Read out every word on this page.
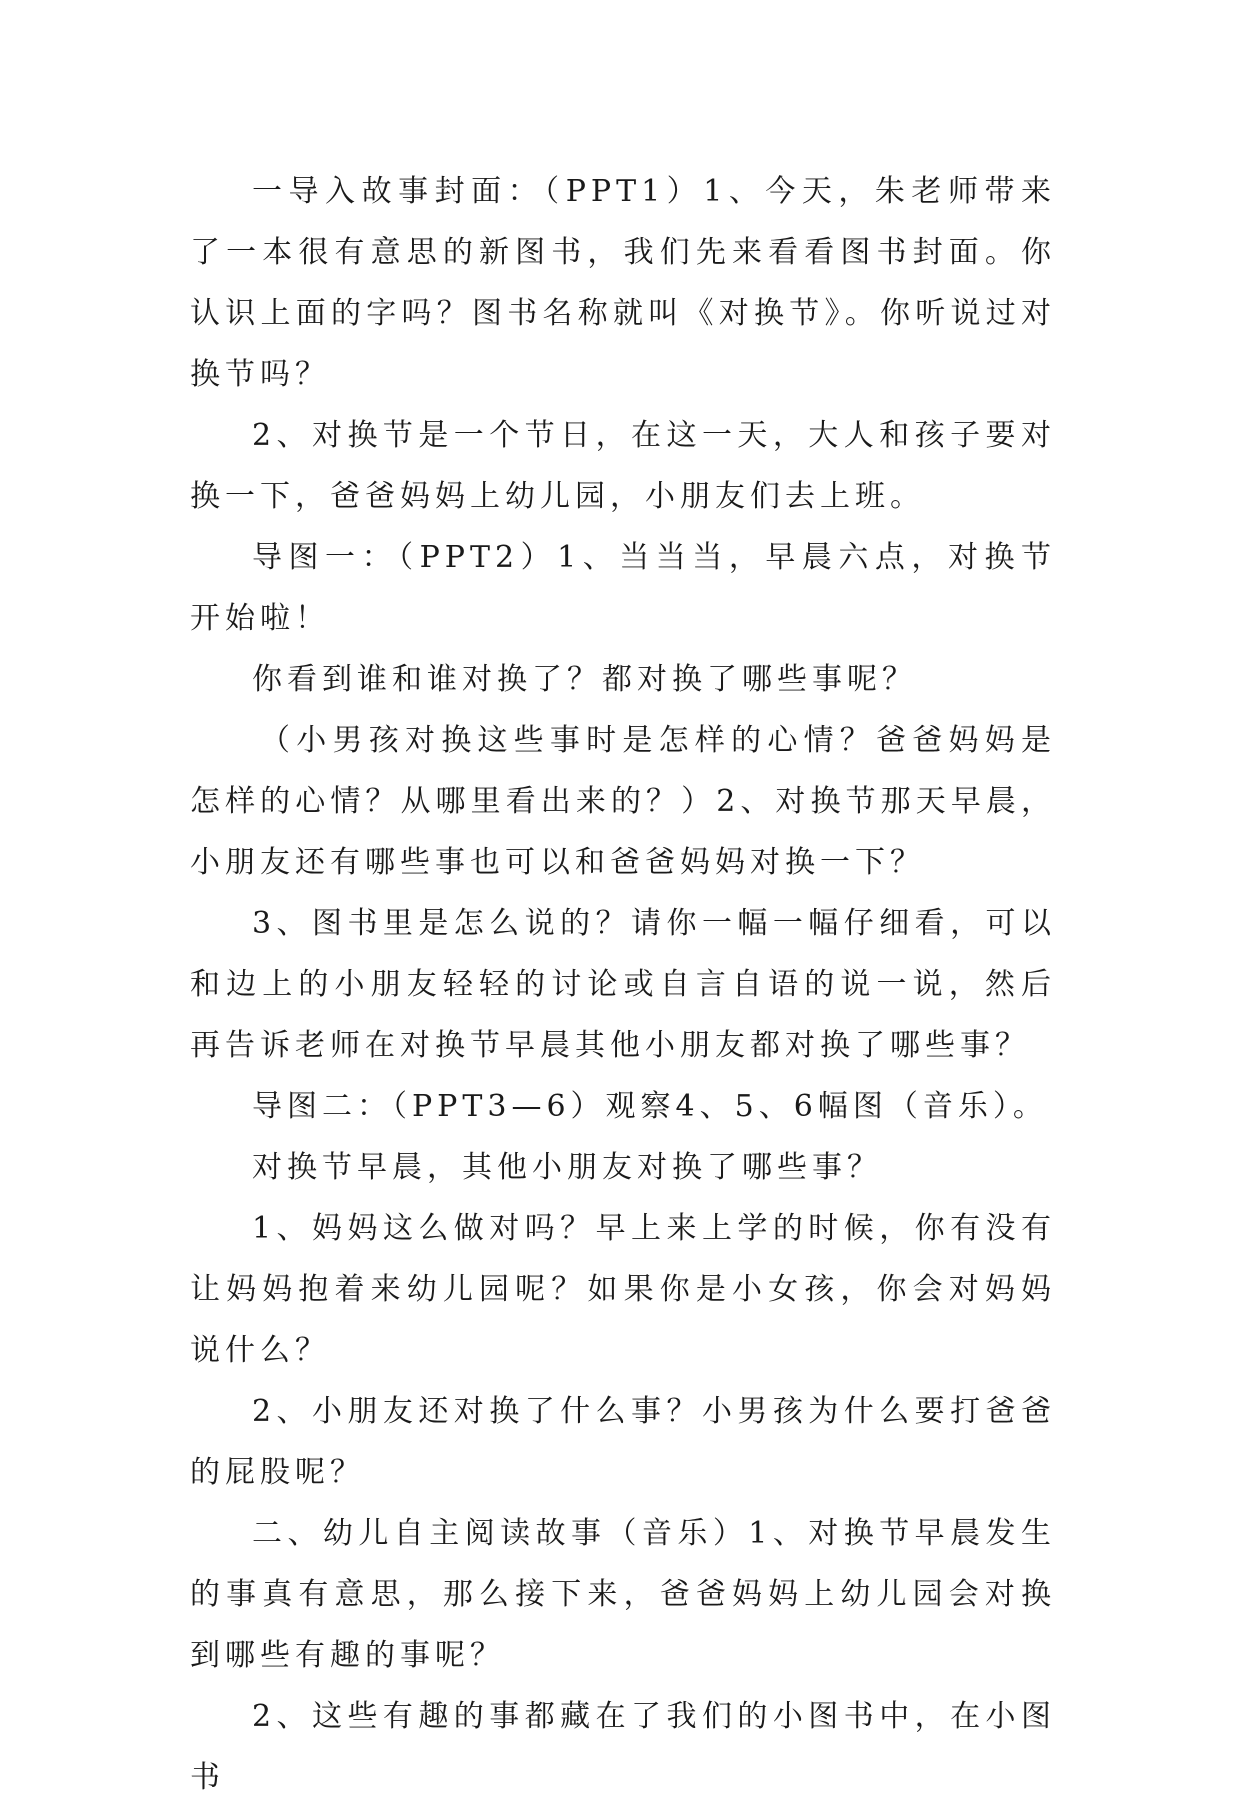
一导入故事封面：（PPT1）1、今天，朱老师带来了一本很有意思的新图书，我们先来看看图书封面。你认识上面的字吗？图书名称就叫《对换节》。你听说过对换节吗？

2、对换节是一个节日，在这一天，大人和孩子要对换一下，爸爸妈妈上幼儿园，小朋友们去上班。

导图一：（PPT2）1、当当当，早晨六点，对换节开始啦！

你看到谁和谁对换了？都对换了哪些事呢？

（小男孩对换这些事时是怎样的心情？爸爸妈妈是怎样的心情？从哪里看出来的？）2、对换节那天早晨，小朋友还有哪些事也可以和爸爸妈妈对换一下？

3、图书里是怎么说的？请你一幅一幅仔细看，可以和边上的小朋友轻轻的讨论或自言自语的说一说，然后再告诉老师在对换节早晨其他小朋友都对换了哪些事？

导图二：（PPT3—6）观察4、5、6幅图（音乐）。

对换节早晨，其他小朋友对换了哪些事？

1、妈妈这么做对吗？早上来上学的时候，你有没有让妈妈抱着来幼儿园呢？如果你是小女孩，你会对妈妈说什么？

2、小朋友还对换了什么事？小男孩为什么要打爸爸的屁股呢？

二、幼儿自主阅读故事（音乐）1、对换节早晨发生的事真有意思，那么接下来，爸爸妈妈上幼儿园会对换到哪些有趣的事呢？

2、这些有趣的事都藏在了我们的小图书中，在小图书
